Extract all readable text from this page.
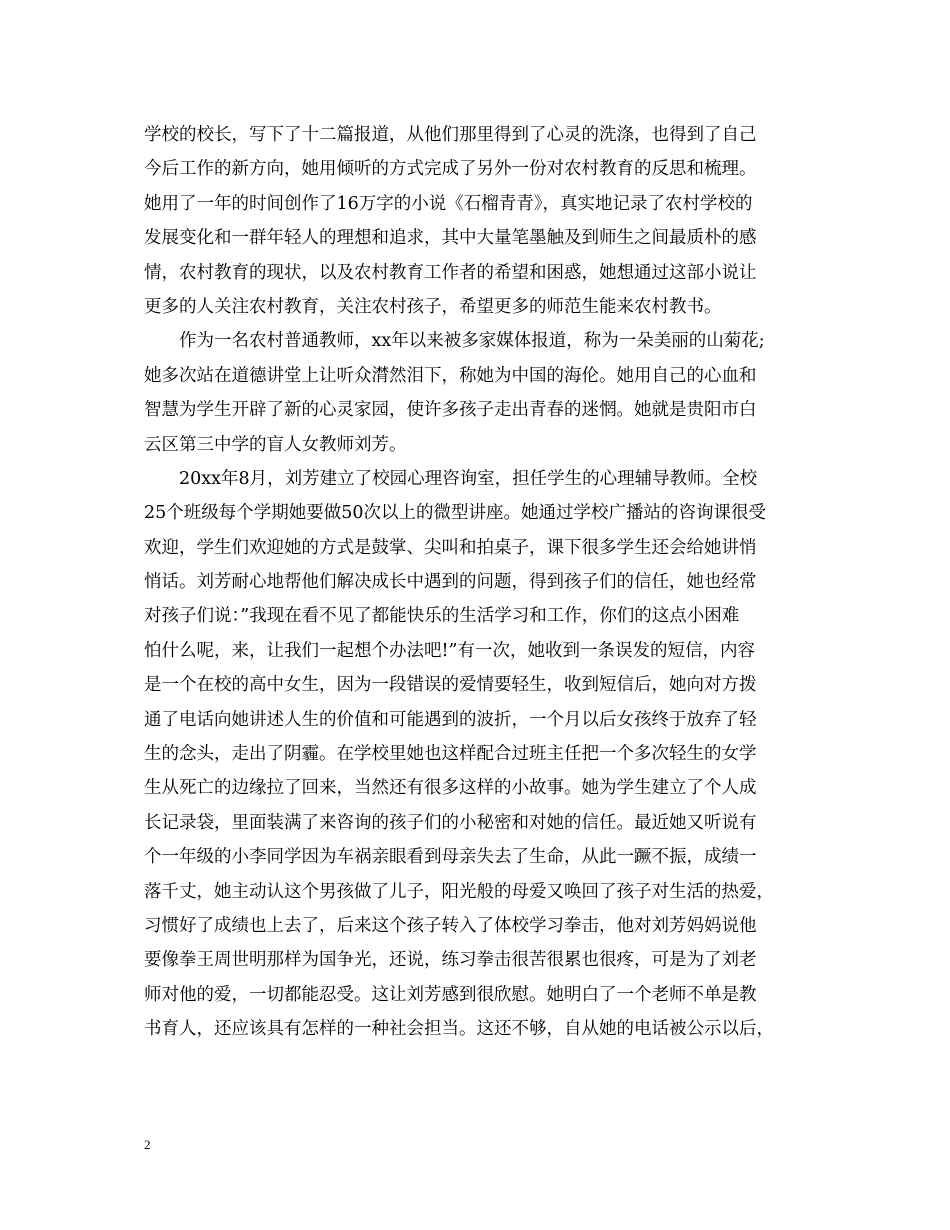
学校的校长，写下了十二篇报道，从他们那里得到了心灵的洗涤，也得到了自己
今后工作的新方向，她用倾听的方式完成了另外一份对农村教育的反思和梳理。
她用了一年的时间创作了16万字的小说《石榴青青》，真实地记录了农村学校的
发展变化和一群年轻人的理想和追求，其中大量笔墨触及到师生之间最质朴的感
情，农村教育的现状，以及农村教育工作者的希望和困惑，她想通过这部小说让
更多的人关注农村教育，关注农村孩子，希望更多的师范生能来农村教书。
作为一名农村普通教师，xx年以来被多家媒体报道，称为一朵美丽的山菊花;
她多次站在道德讲堂上让听众潸然泪下，称她为中国的海伦。她用自己的心血和
智慧为学生开辟了新的心灵家园，使许多孩子走出青春的迷惘。她就是贵阳市白
云区第三中学的盲人女教师刘芳。
20xx年8月，刘芳建立了校园心理咨询室，担任学生的心理辅导教师。全校
25个班级每个学期她要做50次以上的微型讲座。她通过学校广播站的咨询课很受
欢迎，学生们欢迎她的方式是鼓掌、尖叫和拍桌子，课下很多学生还会给她讲悄
悄话。刘芳耐心地帮他们解决成长中遇到的问题，得到孩子们的信任，她也经常
对孩子们说：”我现在看不见了都能快乐的生活学习和工作，你们的这点小困难
怕什么呢，来，让我们一起想个办法吧!”有一次，她收到一条误发的短信，内容
是一个在校的高中女生，因为一段错误的爱情要轻生，收到短信后，她向对方拨
通了电话向她讲述人生的价值和可能遇到的波折，一个月以后女孩终于放弃了轻
生的念头，走出了阴霾。在学校里她也这样配合过班主任把一个多次轻生的女学
生从死亡的边缘拉了回来，当然还有很多这样的小故事。她为学生建立了个人成
长记录袋，里面装满了来咨询的孩子们的小秘密和对她的信任。最近她又听说有
个一年级的小李同学因为车祸亲眼看到母亲失去了生命，从此一蹶不振，成绩一
落千丈，她主动认这个男孩做了儿子，阳光般的母爱又唤回了孩子对生活的热爱，
习惯好了成绩也上去了，后来这个孩子转入了体校学习拳击，他对刘芳妈妈说他
要像拳王周世明那样为国争光，还说，练习拳击很苦很累也很疼，可是为了刘老
师对他的爱，一切都能忍受。这让刘芳感到很欣慰。她明白了一个老师不单是教
书育人，还应该具有怎样的一种社会担当。这还不够，自从她的电话被公示以后，
2
